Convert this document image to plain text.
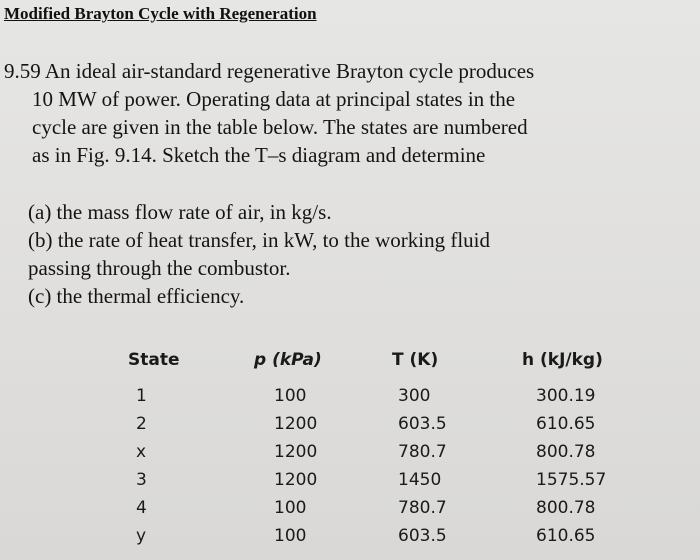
Modified Brayton Cycle with Regeneration
9.59 An ideal air-standard regenerative Brayton cycle produces
10 MW of power. Operating data at principal states in the
cycle are given in the table below. The states are numbered
as in Fig. 9.14. Sketch the T–s diagram and determine
(a) the mass flow rate of air, in kg/s.
(b) the rate of heat transfer, in kW, to the working fluid
passing through the combustor.
(c) the thermal efficiency.
State	p (kPa)	T (K)	h (kJ/kg)
1	100	300	300.19
2	1200	603.5	610.65
x	1200	780.7	800.78
3	1200	1450	1575.57
4	100	780.7	800.78
y	100	603.5	610.65
